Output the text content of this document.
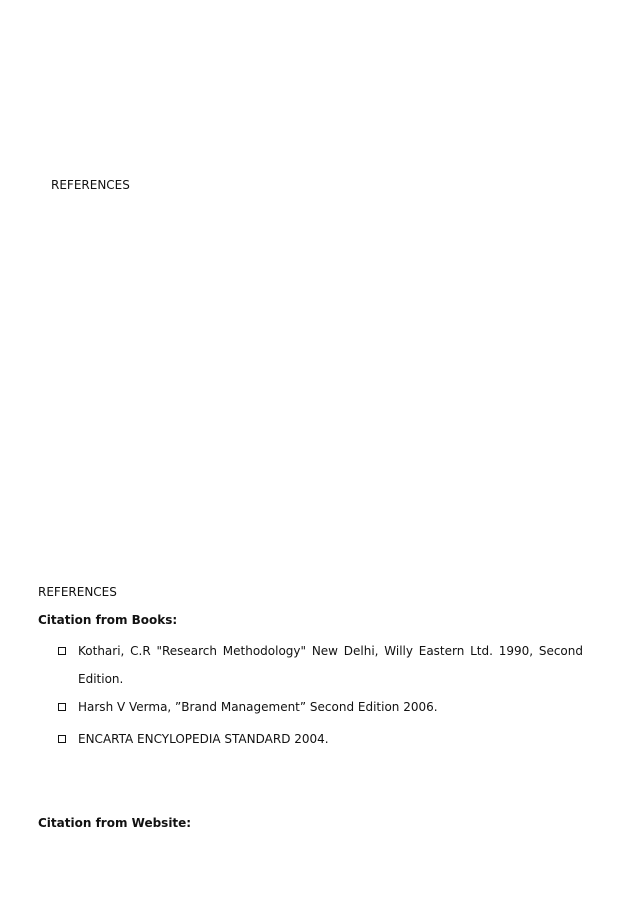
REFERENCES
REFERENCES
Citation from Books:
Kothari, C.R "Research Methodology" New Delhi, Willy Eastern Ltd. 1990, Second
Edition.
Harsh V Verma, ”Brand Management” Second Edition 2006.
ENCARTA ENCYLOPEDIA STANDARD 2004.
Citation from Website:
